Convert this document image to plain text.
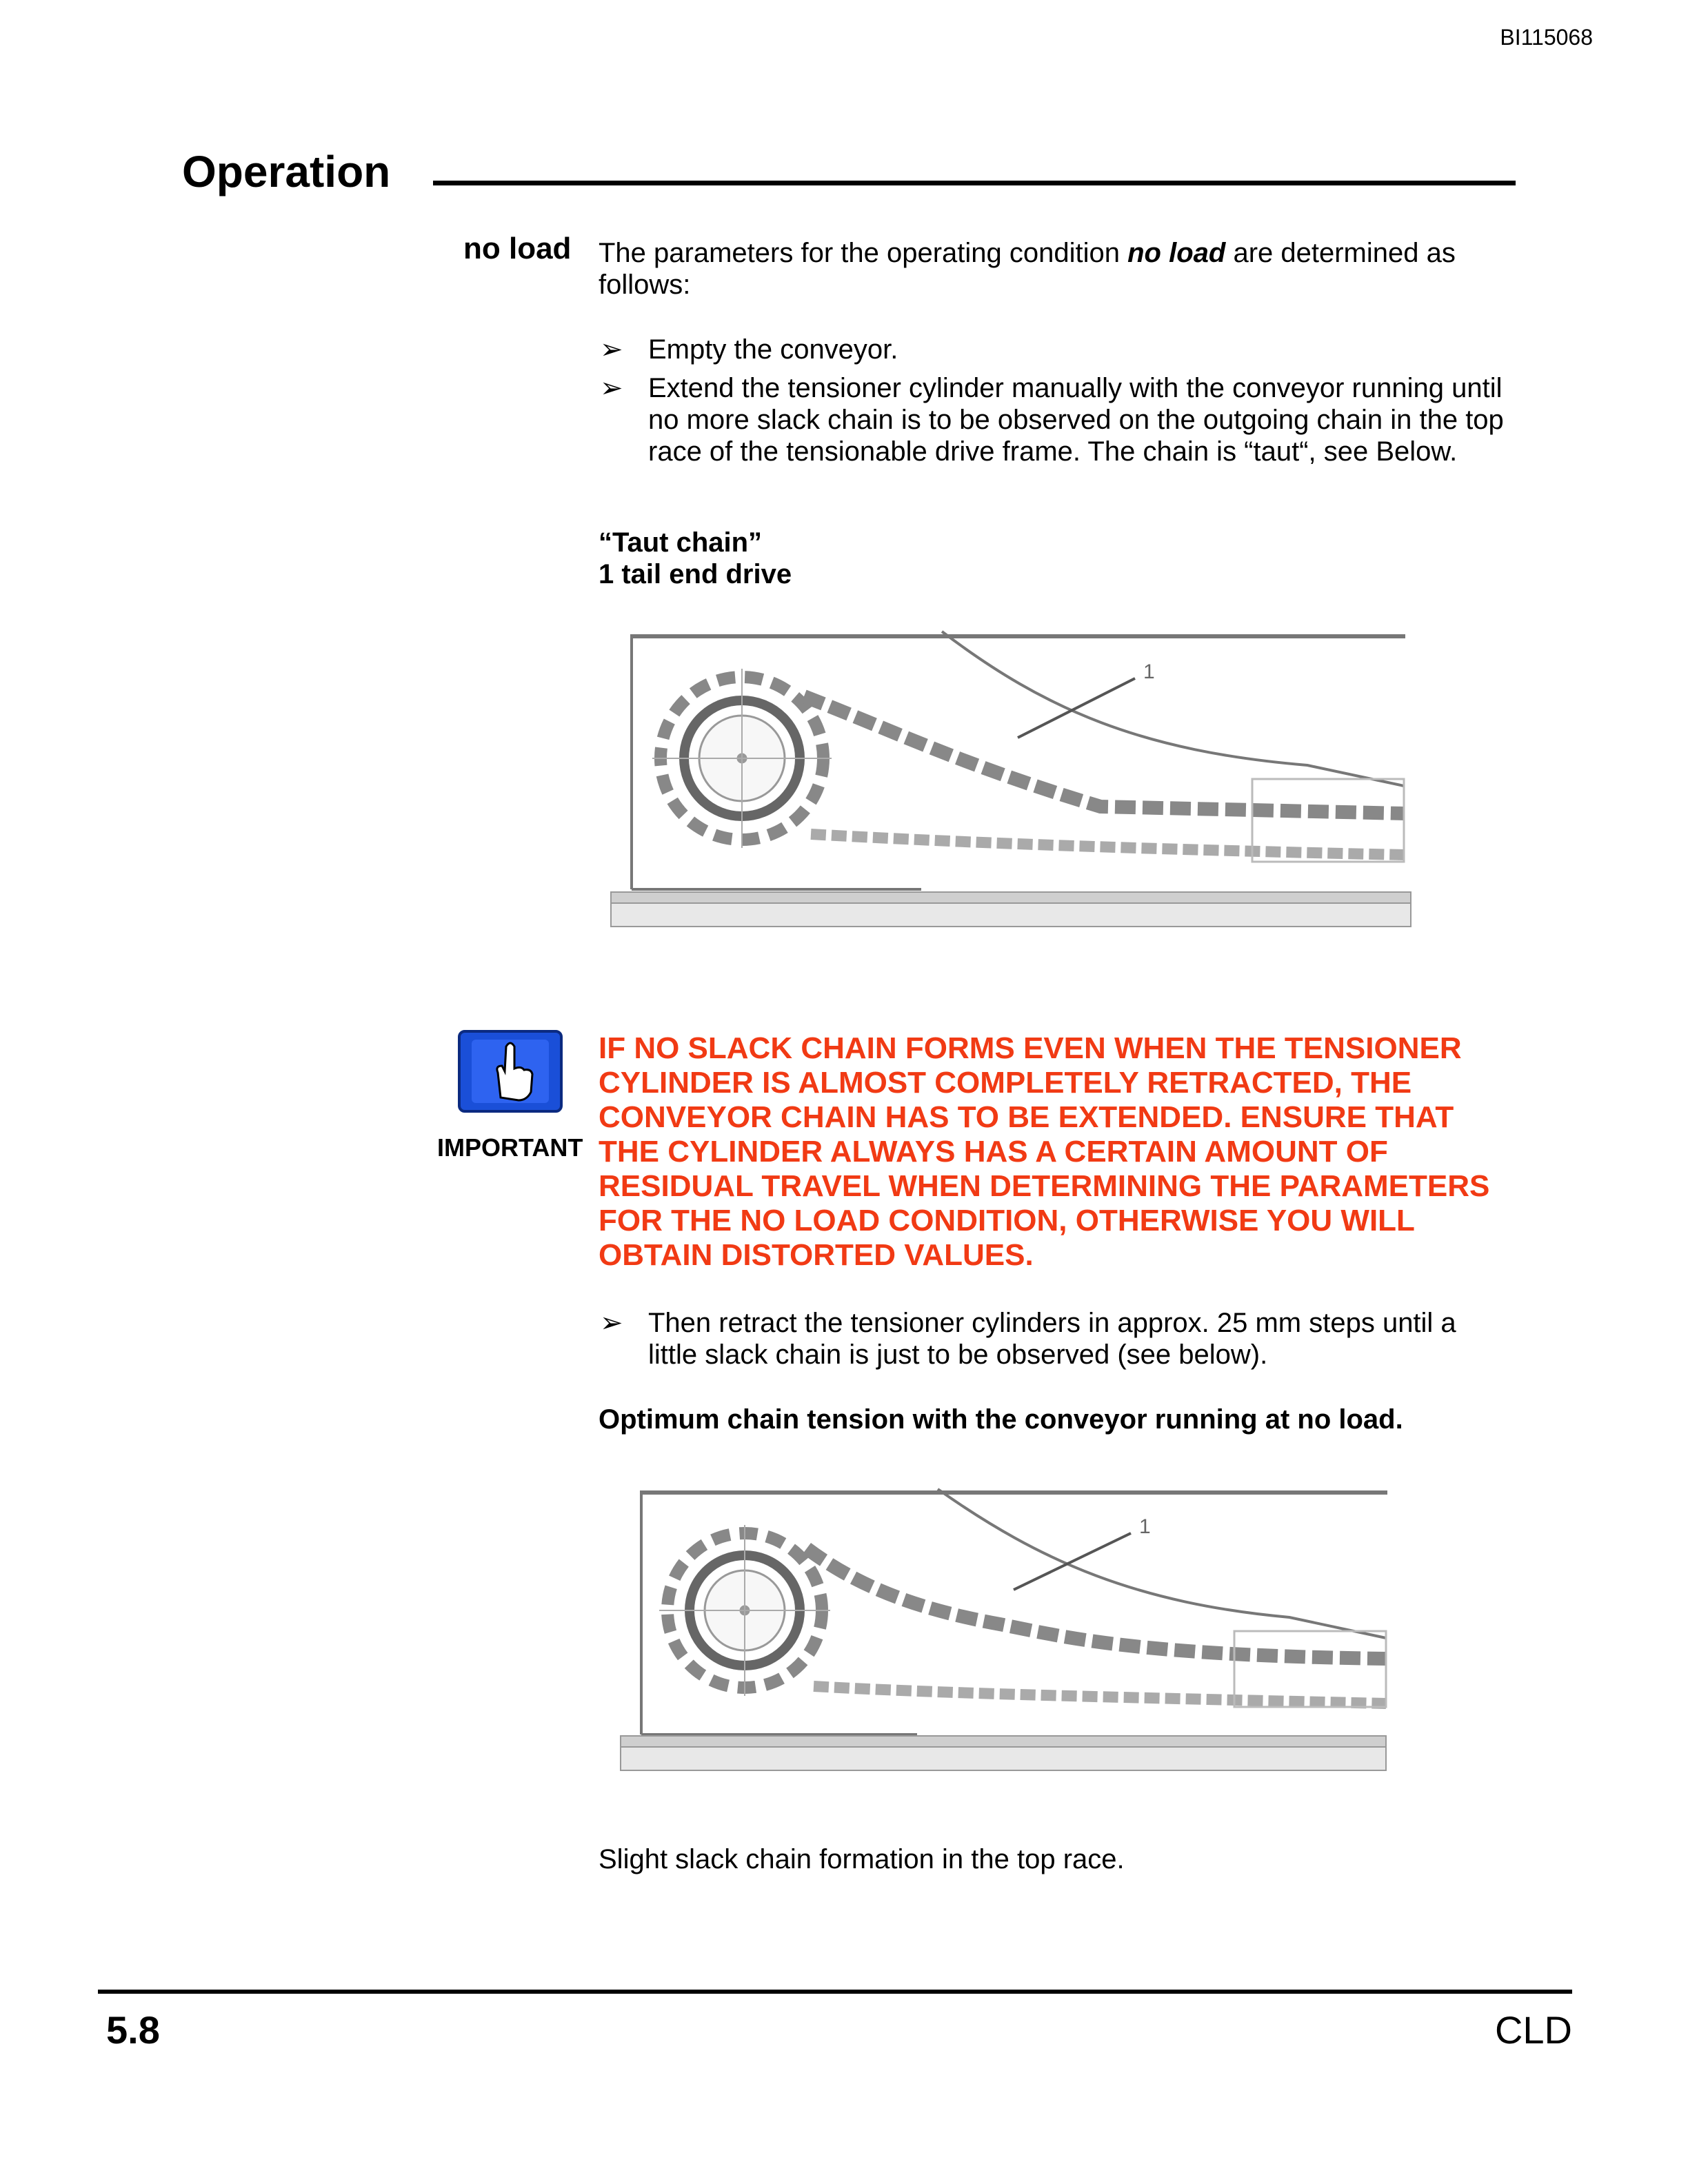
BI115068
Operation
no load The parameters for the operating condition no load are determined as follows:
➢ Empty the conveyor.
➢ Extend the tensioner cylinder manually with the conveyor running until no more slack chain is to be observed on the outgoing chain in the top race of the tensionable drive frame. The chain is “taut“, see Below.
“Taut chain”
1 tail end drive
1
IMPORTANT
IF NO SLACK CHAIN FORMS EVEN WHEN THE TENSIONER CYLINDER IS ALMOST COMPLETELY RETRACTED, THE CONVEYOR CHAIN HAS TO BE EXTENDED. ENSURE THAT THE CYLINDER ALWAYS HAS A CERTAIN AMOUNT OF RESIDUAL TRAVEL WHEN DETERMINING THE PARAMETERS FOR THE NO LOAD CONDITION, OTHERWISE YOU WILL OBTAIN DISTORTED VALUES.
➢ Then retract the tensioner cylinders in approx. 25 mm steps until a little slack chain is just to be observed (see below).
Optimum chain tension with the conveyor running at no load.
1
Slight slack chain formation in the top race.
5.8	CLD
